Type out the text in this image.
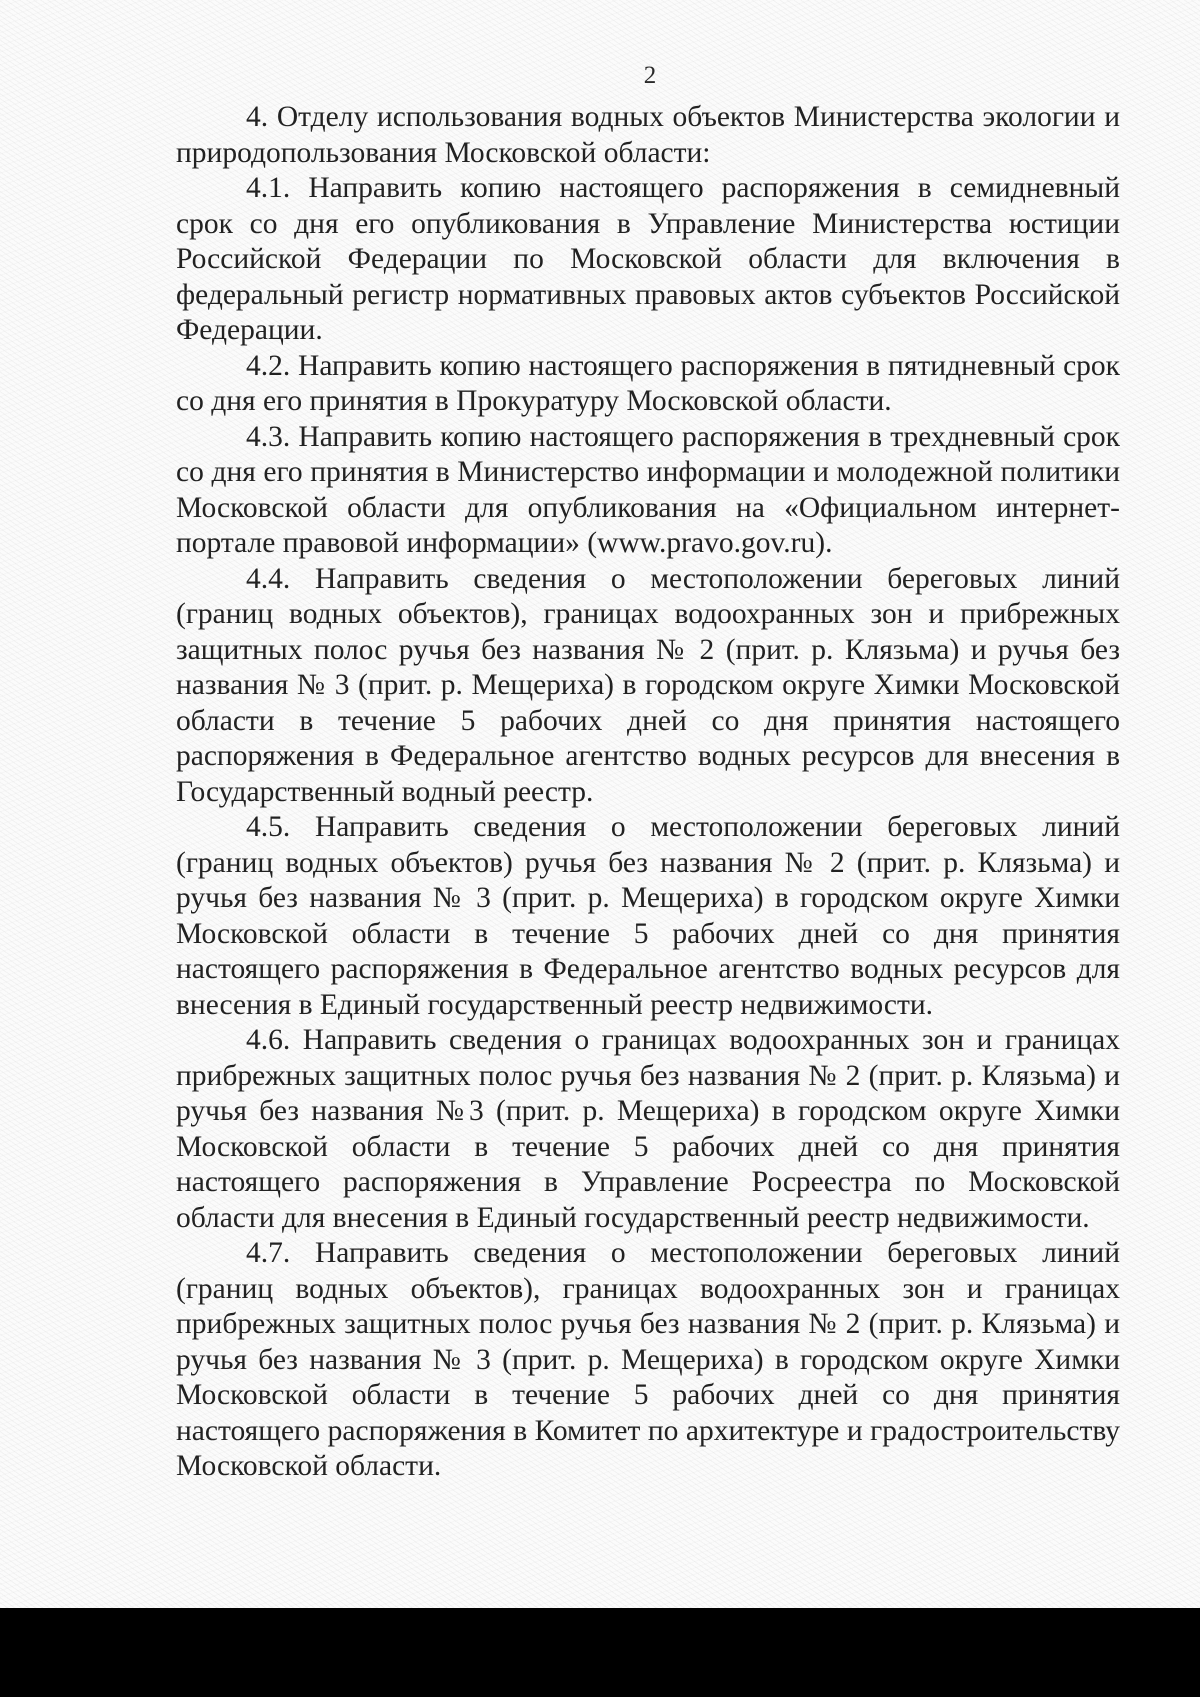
2

4. Отделу использования водных объектов Министерства экологии и природопользования Московской области:

4.1. Направить копию настоящего распоряжения в семидневный срок со дня его опубликования в Управление Министерства юстиции Российской Федерации по Московской области для включения в федеральный регистр нормативных правовых актов субъектов Российской Федерации.

4.2. Направить копию настоящего распоряжения в пятидневный срок со дня его принятия в Прокуратуру Московской области.

4.3. Направить копию настоящего распоряжения в трехдневный срок со дня его принятия в Министерство информации и молодежной политики Московской области для опубликования на «Официальном интернет-портале правовой информации» (www.pravo.gov.ru).

4.4. Направить сведения о местоположении береговых линий (границ водных объектов), границах водоохранных зон и прибрежных защитных полос ручья без названия № 2 (прит. р. Клязьма) и ручья без названия № 3 (прит. р. Мещериха) в городском округе Химки Московской области в течение 5 рабочих дней со дня принятия настоящего распоряжения в Федеральное агентство водных ресурсов для внесения в Государственный водный реестр.

4.5. Направить сведения о местоположении береговых линий (границ водных объектов) ручья без названия № 2 (прит. р. Клязьма) и ручья без названия № 3 (прит. р. Мещериха) в городском округе Химки Московской области в течение 5 рабочих дней со дня принятия настоящего распоряжения в Федеральное агентство водных ресурсов для внесения в Единый государственный реестр недвижимости.

4.6. Направить сведения о границах водоохранных зон и границах прибрежных защитных полос ручья без названия № 2 (прит. р. Клязьма) и ручья без названия №3 (прит. р. Мещериха) в городском округе Химки Московской области в течение 5 рабочих дней со дня принятия настоящего распоряжения в Управление Росреестра по Московской области для внесения в Единый государственный реестр недвижимости.

4.7. Направить сведения о местоположении береговых линий (границ водных объектов), границах водоохранных зон и границах прибрежных защитных полос ручья без названия № 2 (прит. р. Клязьма) и ручья без названия № 3 (прит. р. Мещериха) в городском округе Химки Московской области в течение 5 рабочих дней со дня принятия настоящего распоряжения в Комитет по архитектуре и градостроительству Московской области.
